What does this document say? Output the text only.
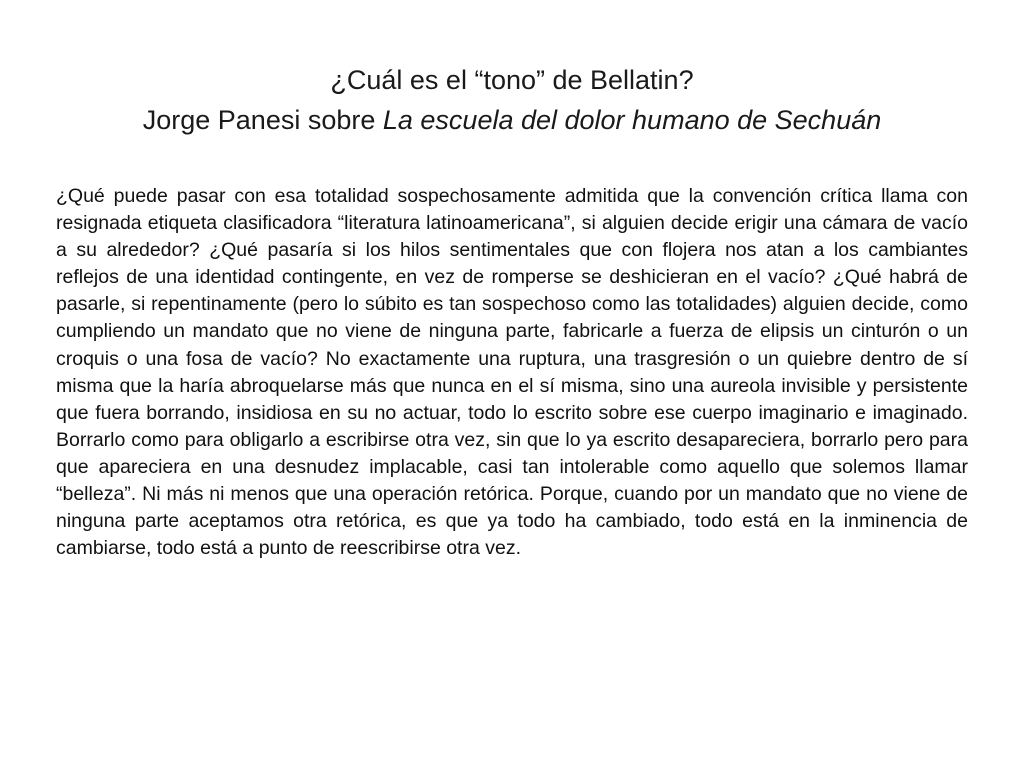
¿Cuál es el “tono” de Bellatin?
Jorge Panesi sobre La escuela del dolor humano de Sechuán

¿Qué puede pasar con esa totalidad sospechosamente admitida que la convención crítica llama con resignada etiqueta clasificadora “literatura latinoamericana”, si alguien decide erigir una cámara de vacío a su alrededor? ¿Qué pasaría si los hilos sentimentales que con flojera nos atan a los cambiantes reflejos de una identidad contingente, en vez de romperse se deshicieran en el vacío? ¿Qué habrá de pasarle, si repentinamente (pero lo súbito es tan sospechoso como las totalidades) alguien decide, como cumpliendo un mandato que no viene de ninguna parte, fabricarle a fuerza de elipsis un cinturón o un croquis o una fosa de vacío? No exactamente una ruptura, una trasgresión o un quiebre dentro de sí misma que la haría abroquelarse más que nunca en el sí misma, sino una aureola invisible y persistente que fuera borrando, insidiosa en su no actuar, todo lo escrito sobre ese cuerpo imaginario e imaginado. Borrarlo como para obligarlo a escribirse otra vez, sin que lo ya escrito desapareciera, borrarlo pero para que apareciera en una desnudez implacable, casi tan intolerable como aquello que solemos llamar “belleza”. Ni más ni menos que una operación retórica. Porque, cuando por un mandato que no viene de ninguna parte aceptamos otra retórica, es que ya todo ha cambiado, todo está en la inminencia de cambiarse, todo está a punto de reescribirse otra vez.
